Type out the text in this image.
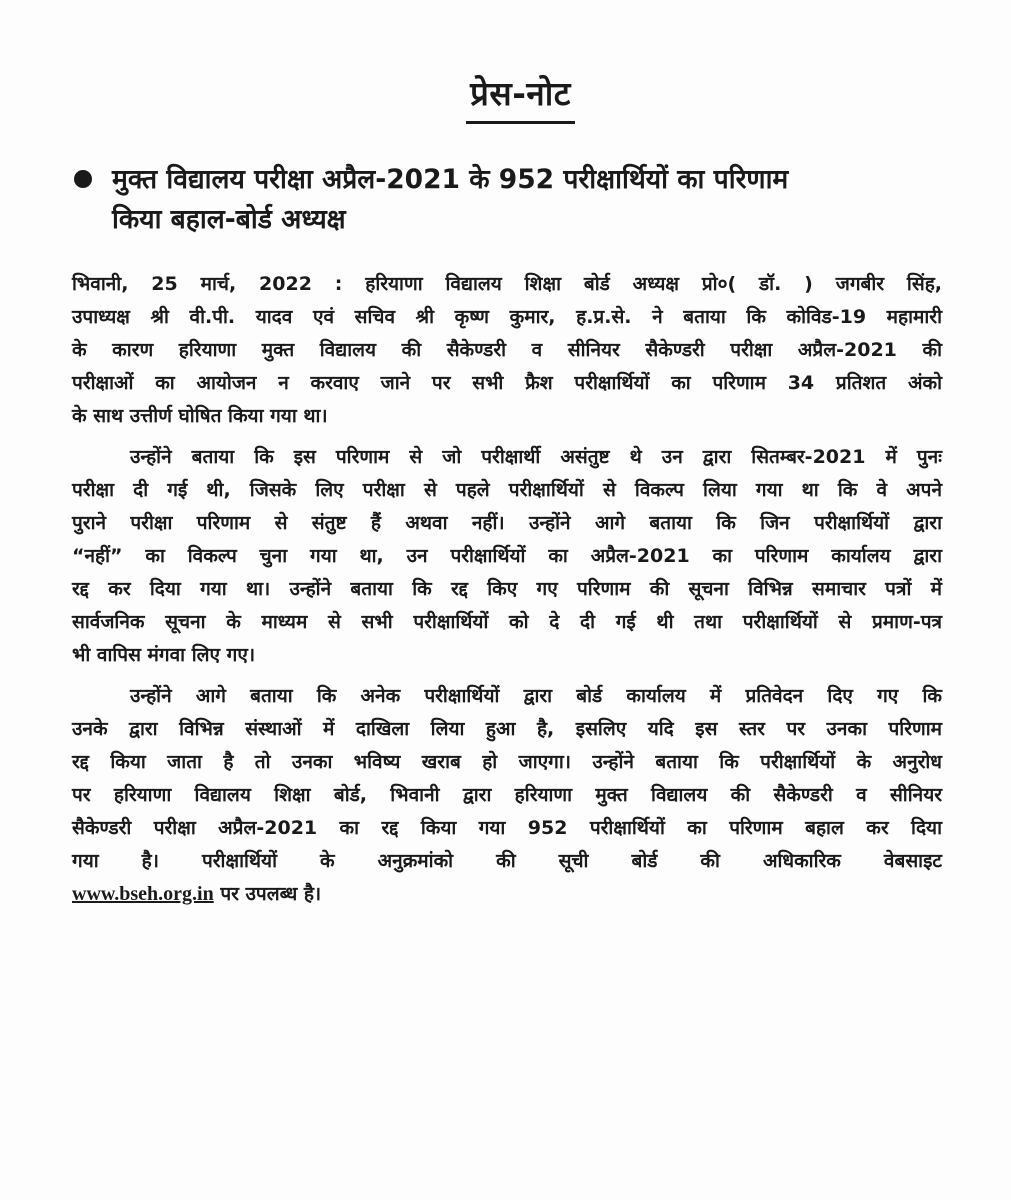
प्रेस-नोट
मुक्त विद्यालय परीक्षा अप्रैल-2021 के 952 परीक्षार्थियों का परिणाम
किया बहाल-बोर्ड अध्यक्ष
भिवानी, 25 मार्च, 2022 : हरियाणा विद्यालय शिक्षा बोर्ड अध्यक्ष प्रो०( डॉ. ) जगबीर सिंह,
उपाध्यक्ष श्री वी.पी. यादव एवं सचिव श्री कृष्ण कुमार, ह.प्र.से. ने बताया कि कोविड-19 महामारी
के कारण हरियाणा मुक्त विद्यालय की सैकेण्डरी व सीनियर सैकेण्डरी परीक्षा अप्रैल-2021 की
परीक्षाओं का आयोजन न करवाए जाने पर सभी फ्रैश परीक्षार्थियों का परिणाम 34 प्रतिशत अंको
के साथ उत्तीर्ण घोषित किया गया था।
उन्होंने बताया कि इस परिणाम से जो परीक्षार्थी असंतुष्ट थे उन द्वारा सितम्बर-2021 में पुनः
परीक्षा दी गई थी, जिसके लिए परीक्षा से पहले परीक्षार्थियों से विकल्प लिया गया था कि वे अपने
पुराने परीक्षा परिणाम से संतुष्ट हैं अथवा नहीं। उन्होंने आगे बताया कि जिन परीक्षार्थियों द्वारा
“नहीं” का विकल्प चुना गया था, उन परीक्षार्थियों का अप्रैल-2021 का परिणाम कार्यालय द्वारा
रद्द कर दिया गया था। उन्होंने बताया कि रद्द किए गए परिणाम की सूचना विभिन्न समाचार पत्रों में
सार्वजनिक सूचना के माध्यम से सभी परीक्षार्थियों को दे दी गई थी तथा परीक्षार्थियों से प्रमाण-पत्र
भी वापिस मंगवा लिए गए।
उन्होंने आगे बताया कि अनेक परीक्षार्थियों द्वारा बोर्ड कार्यालय में प्रतिवेदन दिए गए कि
उनके द्वारा विभिन्न संस्थाओं में दाखिला लिया हुआ है, इसलिए यदि इस स्तर पर उनका परिणाम
रद्द किया जाता है तो उनका भविष्य खराब हो जाएगा। उन्होंने बताया कि परीक्षार्थियों के अनुरोध
पर हरियाणा विद्यालय शिक्षा बोर्ड, भिवानी द्वारा हरियाणा मुक्त विद्यालय की सैकेण्डरी व सीनियर
सैकेण्डरी परीक्षा अप्रैल-2021 का रद्द किया गया 952 परीक्षार्थियों का परिणाम बहाल कर दिया
गया है। परीक्षार्थियों के अनुक्रमांको की सूची बोर्ड की अधिकारिक वेबसाइट
www.bseh.org.in पर उपलब्ध है।
